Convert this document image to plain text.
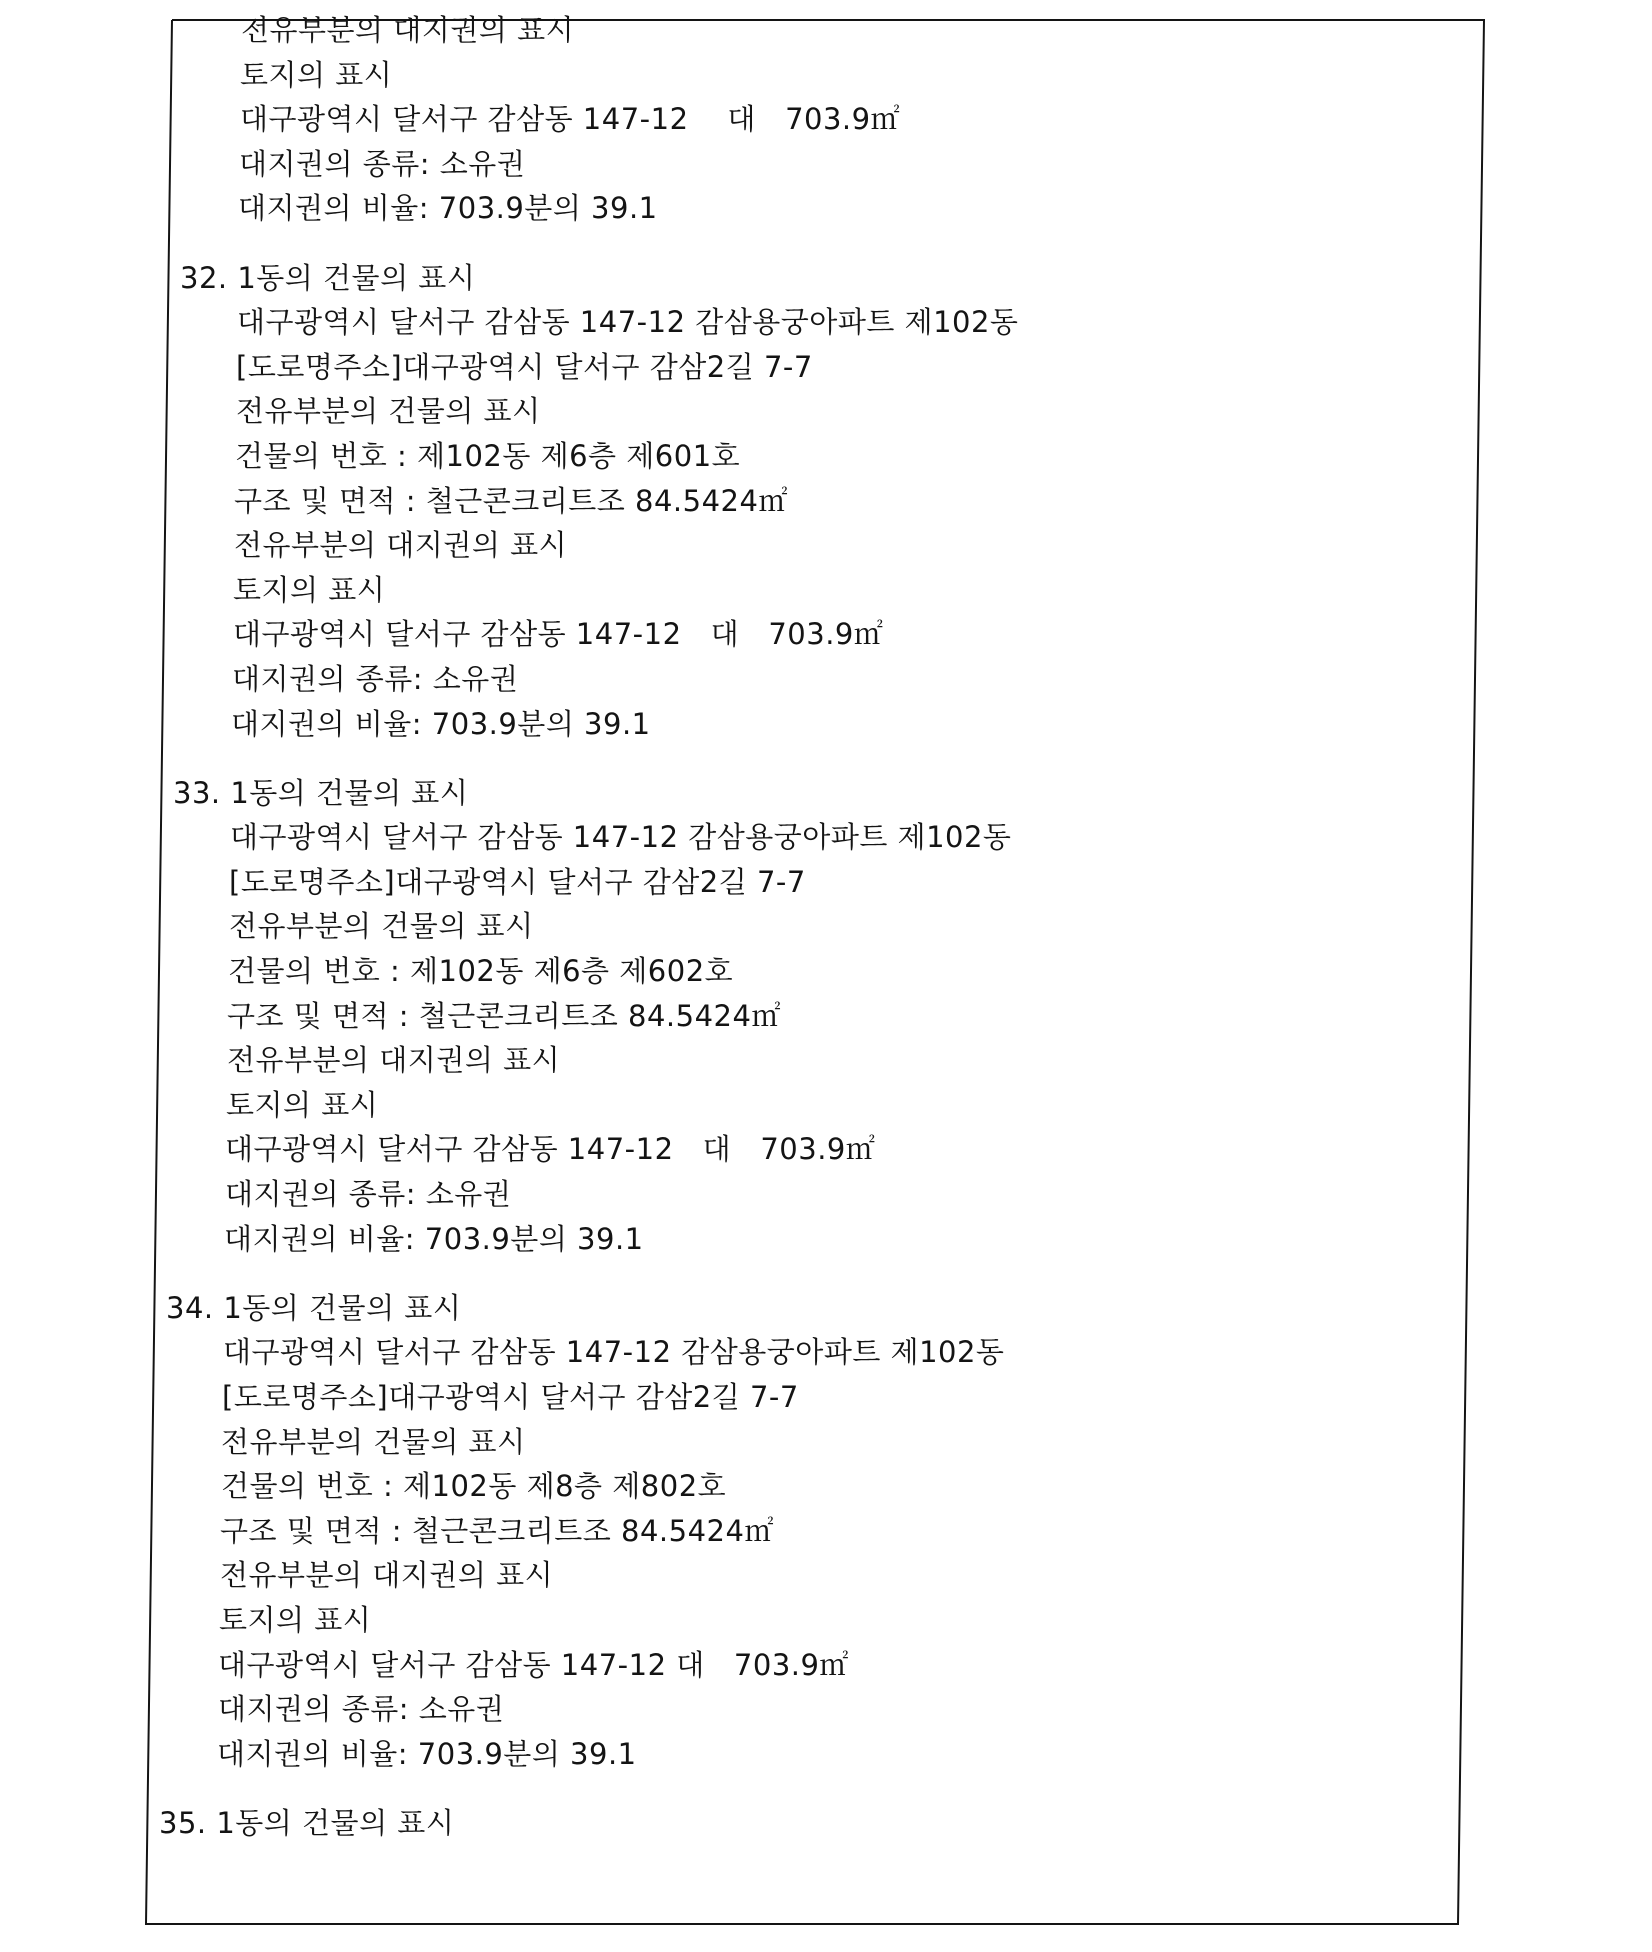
전유부분의 대지권의 표시
토지의 표시
대구광역시 달서구 감삼동 147-12    대   703.9㎡
대지권의 종류: 소유권
대지권의 비율: 703.9분의 39.1
32. 1동의 건물의 표시
대구광역시 달서구 감삼동 147-12 감삼용궁아파트 제102동
[도로명주소]대구광역시 달서구 감삼2길 7-7
전유부분의 건물의 표시
건물의 번호 : 제102동 제6층 제601호
구조 및 면적 : 철근콘크리트조 84.5424㎡
전유부분의 대지권의 표시
토지의 표시
대구광역시 달서구 감삼동 147-12   대   703.9㎡
대지권의 종류: 소유권
대지권의 비율: 703.9분의 39.1
33. 1동의 건물의 표시
대구광역시 달서구 감삼동 147-12 감삼용궁아파트 제102동
[도로명주소]대구광역시 달서구 감삼2길 7-7
전유부분의 건물의 표시
건물의 번호 : 제102동 제6층 제602호
구조 및 면적 : 철근콘크리트조 84.5424㎡
전유부분의 대지권의 표시
토지의 표시
대구광역시 달서구 감삼동 147-12   대   703.9㎡
대지권의 종류: 소유권
대지권의 비율: 703.9분의 39.1
34. 1동의 건물의 표시
대구광역시 달서구 감삼동 147-12 감삼용궁아파트 제102동
[도로명주소]대구광역시 달서구 감삼2길 7-7
전유부분의 건물의 표시
건물의 번호 : 제102동 제8층 제802호
구조 및 면적 : 철근콘크리트조 84.5424㎡
전유부분의 대지권의 표시
토지의 표시
대구광역시 달서구 감삼동 147-12 대   703.9㎡
대지권의 종류: 소유권
대지권의 비율: 703.9분의 39.1
35. 1동의 건물의 표시
